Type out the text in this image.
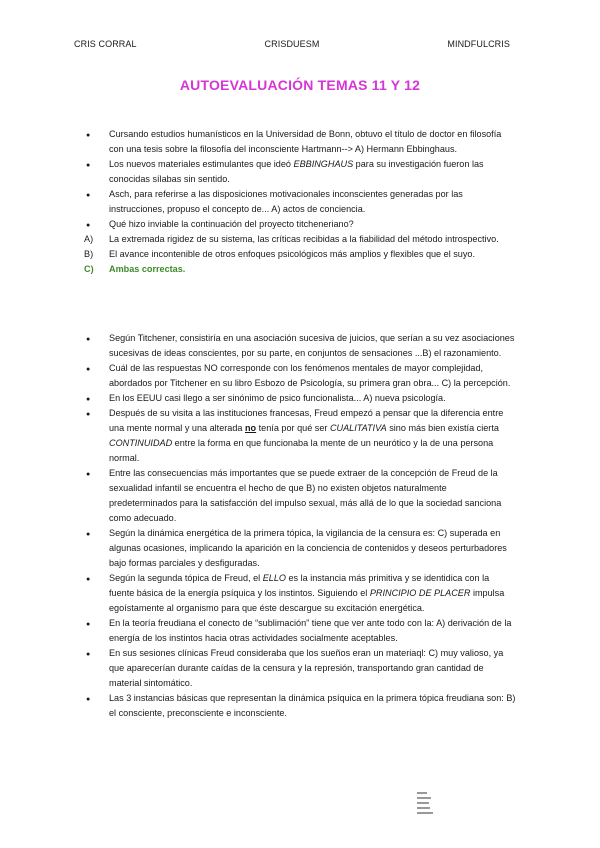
CRIS CORRAL	CRISDUESM	MINDFULCRIS
AUTOEVALUACIÓN TEMAS 11 Y 12
Cursando estudios humanísticos en la Universidad de Bonn, obtuvo el título de doctor en filosofía con una tesis sobre la filosofía del inconsciente Hartmann--> A) Hermann Ebbinghaus.
Los nuevos materiales estimulantes que ideó EBBINGHAUS para su investigación fueron las conocidas sílabas sin sentido.
Asch, para referirse a las disposiciones motivacionales inconscientes generadas por las instrucciones, propuso el concepto de... A) actos de conciencia.
Qué hizo inviable la continuación del proyecto titchenerianο?
A)	La extremada rigidez de su sistema, las críticas recibidas a la fiabilidad del método introspectivo.
B)	El avance incontenible de otros enfoques psicológicos más amplios y flexibles que el suyo.
C)	Ambas correctas.
Según Titchener, consistiría en una asociación sucesiva de juicios, que serían a su vez asociaciones sucesivas de ideas conscientes, por su parte, en conjuntos de sensaciones ...B) el razonamiento.
Cuál de las respuestas NO corresponde con los fenómenos mentales de mayor complejidad, abordados por Titchener en su libro Esbozo de Psicología, su primera gran obra... C) la percepción.
En los EEUU casi llego a ser sinónimo de psico funcionalista... A) nueva psicología.
Después de su visita a las instituciones francesas, Freud empezó a pensar que la diferencia entre una mente normal y una alterada no tenía por qué ser CUALITATIVA sino más bien existía cierta CONTINUIDAD entre la forma en que funcionaba la mente de un neurótico y la de una persona normal.
Entre las consecuencias más importantes que se puede extraer de la concepción de Freud de la sexualidad infantil se encuentra el hecho de que B) no existen objetos naturalmente predeterminados para la satisfacción del impulso sexual, más allá de lo que la sociedad sanciona como adecuado.
Según la dinámica energética de la primera tópica, la vigilancia de la censura es: C) superada en algunas ocasiones, implicando la aparición en la conciencia de contenidos y deseos perturbadores bajo formas parciales y desfiguradas.
Según la segunda tópica de Freud, el ELLO es la instancia más primitiva y se identidica con la fuente básica de la energía psíquica y los instintos. Siguiendo el PRINCIPIO DE PLACER impulsa egoístamente al organismo para que éste descargue su excitación energética.
En la teoría freudiana el conecto de “sublimación” tiene que ver ante todo con la: A) derivación de la energía de los instintos hacia otras actividades socialmente aceptables.
En sus sesiones clínicas Freud consideraba que los sueños eran un materiaql: C) muy valioso, ya que aparecerían durante caídas de la censura y la represión, transportando gran cantidad de material sintomático.
Las 3 instancias básicas que representan la dinámica psíquica en la primera tópica freudiana son: B) el consciente, preconsciente e inconsciente.
